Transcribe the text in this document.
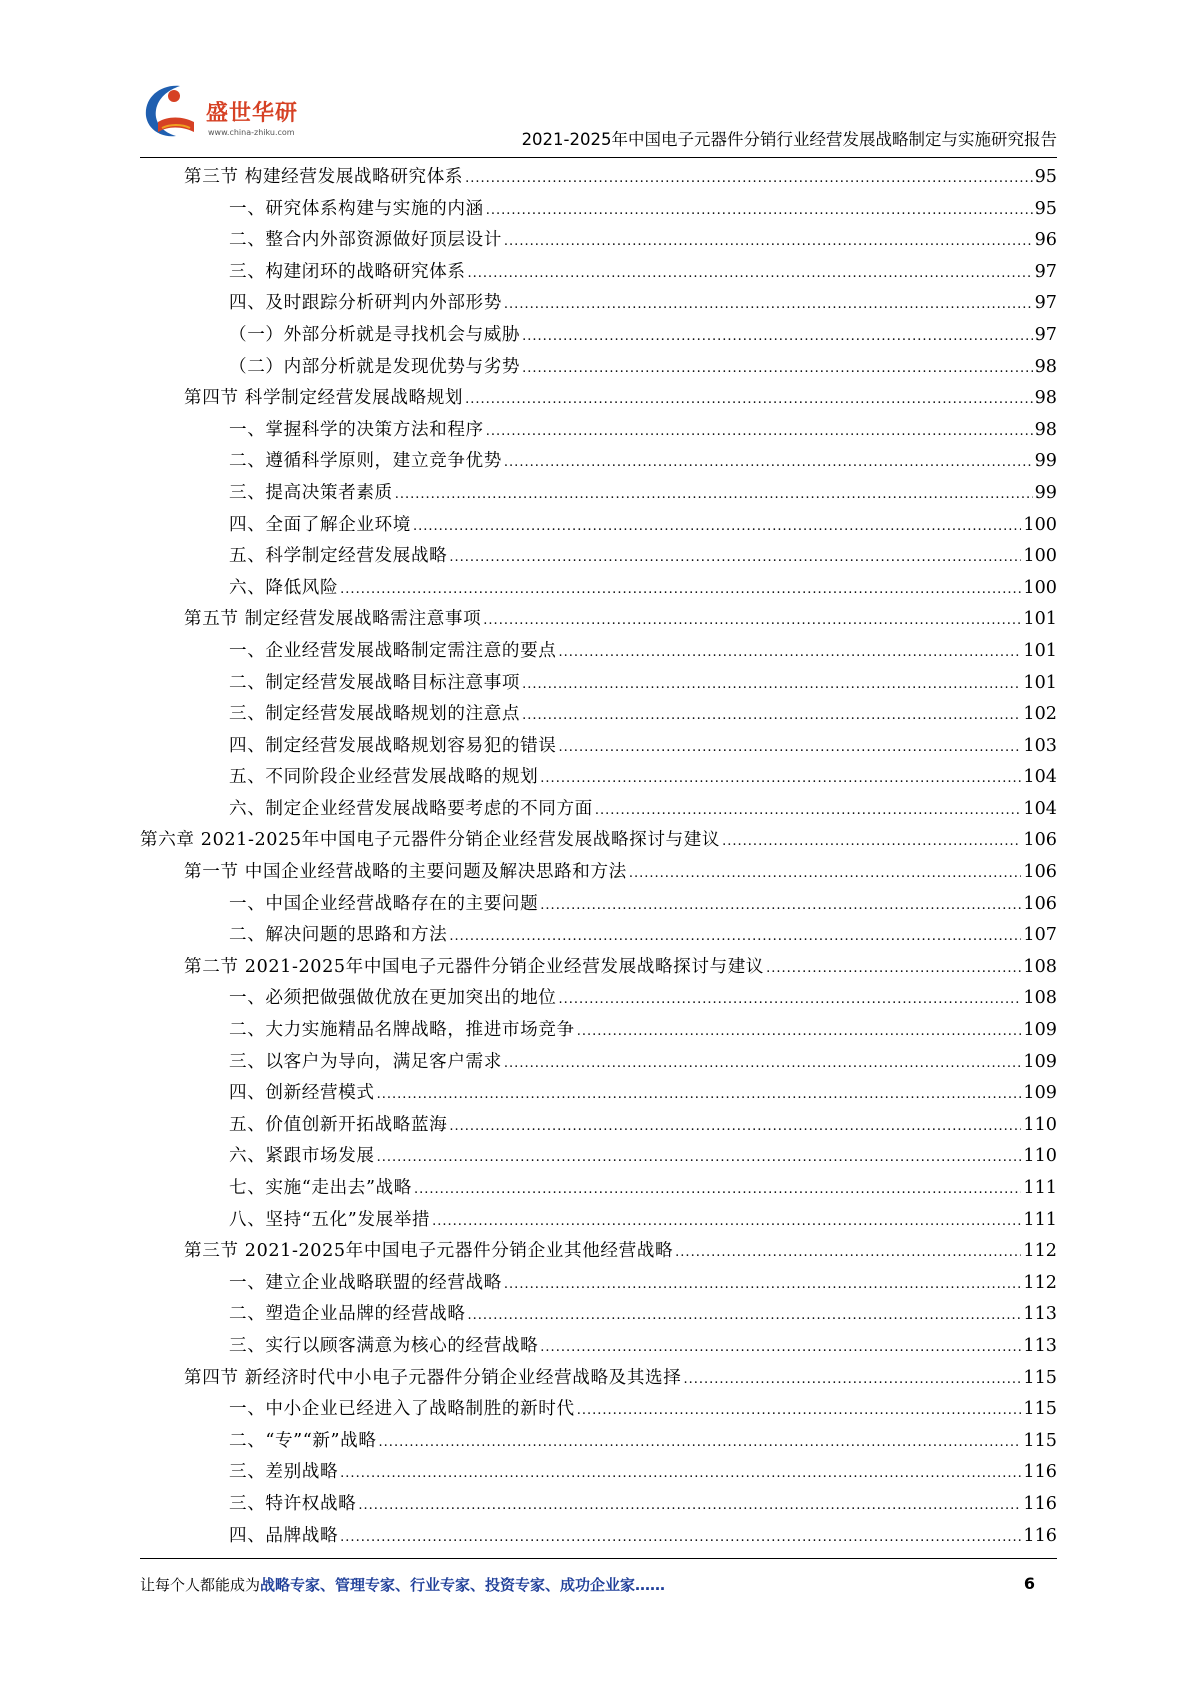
盛世华研
www.china-zhiku.com	2021-2025年中国电子元器件分销行业经营发展战略制定与实施研究报告
第三节 构建经营发展战略研究体系 .....	95
一、研究体系构建与实施的内涵 .....	95
二、整合内外部资源做好顶层设计 .....	96
三、构建闭环的战略研究体系 .....	97
四、及时跟踪分析研判内外部形势 .....	97
（一）外部分析就是寻找机会与威胁 .....	97
（二）内部分析就是发现优势与劣势 .....	98
第四节 科学制定经营发展战略规划 .....	98
一、掌握科学的决策方法和程序 .....	98
二、遵循科学原则，建立竞争优势 .....	99
三、提高决策者素质 .....	99
四、全面了解企业环境 .....	100
五、科学制定经营发展战略 .....	100
六、降低风险 .....	100
第五节 制定经营发展战略需注意事项 .....	101
一、企业经营发展战略制定需注意的要点 .....	101
二、制定经营发展战略目标注意事项 .....	101
三、制定经营发展战略规划的注意点 .....	102
四、制定经营发展战略规划容易犯的错误 .....	103
五、不同阶段企业经营发展战略的规划 .....	104
六、制定企业经营发展战略要考虑的不同方面 .....	104
第六章 2021-2025年中国电子元器件分销企业经营发展战略探讨与建议 .....	106
第一节 中国企业经营战略的主要问题及解决思路和方法 .....	106
一、中国企业经营战略存在的主要问题 .....	106
二、解决问题的思路和方法 .....	107
第二节 2021-2025年中国电子元器件分销企业经营发展战略探讨与建议 .....	108
一、必须把做强做优放在更加突出的地位 .....	108
二、大力实施精品名牌战略，推进市场竞争 .....	109
三、以客户为导向，满足客户需求 .....	109
四、创新经营模式 .....	109
五、价值创新开拓战略蓝海 .....	110
六、紧跟市场发展 .....	110
七、实施“走出去”战略 .....	111
八、坚持“五化”发展举措 .....	111
第三节 2021-2025年中国电子元器件分销企业其他经营战略 .....	112
一、建立企业战略联盟的经营战略 .....	112
二、塑造企业品牌的经营战略 .....	113
三、实行以顾客满意为核心的经营战略 .....	113
第四节 新经济时代中小电子元器件分销企业经营战略及其选择 .....	115
一、中小企业已经进入了战略制胜的新时代 .....	115
二、“专”“新”战略 .....	115
三、差别战略 .....	116
三、特许权战略 .....	116
四、品牌战略 .....	116
让每个人都能成为战略专家、管理专家、行业专家、投资专家、成功企业家……	6
